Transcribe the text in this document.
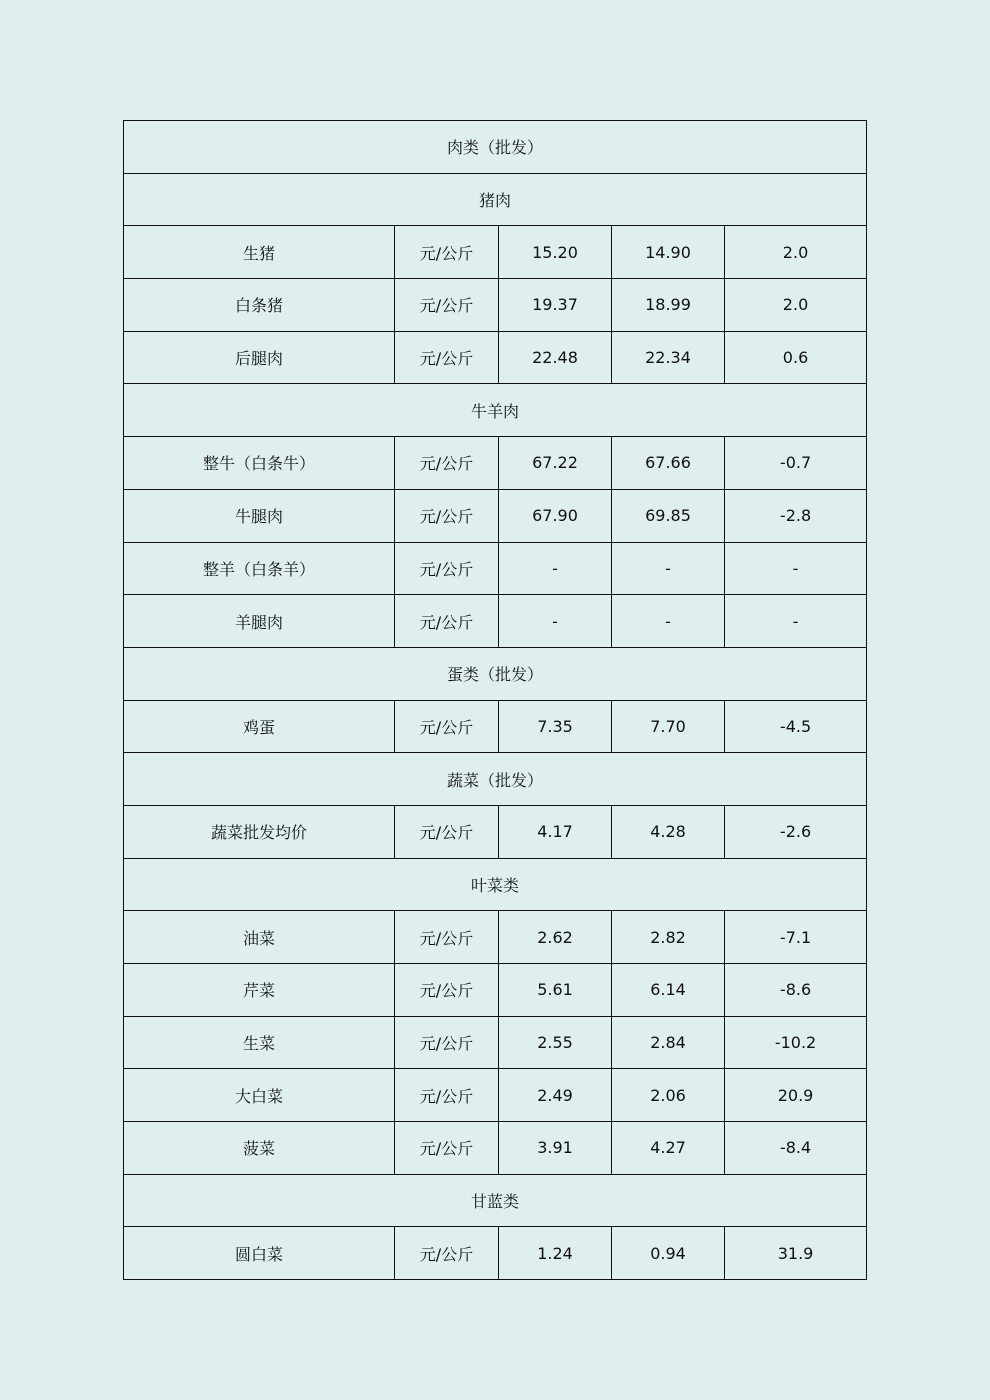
肉类（批发）				
猪肉				
生猪	元/公斤	15.20	14.90	2.0
白条猪	元/公斤	19.37	18.99	2.0
后腿肉	元/公斤	22.48	22.34	0.6
牛羊肉				
整牛（白条牛）	元/公斤	67.22	67.66	-0.7
牛腿肉	元/公斤	67.90	69.85	-2.8
整羊（白条羊）	元/公斤	-	-	-
羊腿肉	元/公斤	-	-	-
蛋类（批发）				
鸡蛋	元/公斤	7.35	7.70	-4.5
蔬菜（批发）				
蔬菜批发均价	元/公斤	4.17	4.28	-2.6
叶菜类				
油菜	元/公斤	2.62	2.82	-7.1
芹菜	元/公斤	5.61	6.14	-8.6
生菜	元/公斤	2.55	2.84	-10.2
大白菜	元/公斤	2.49	2.06	20.9
菠菜	元/公斤	3.91	4.27	-8.4
甘蓝类				
圆白菜	元/公斤	1.24	0.94	31.9
